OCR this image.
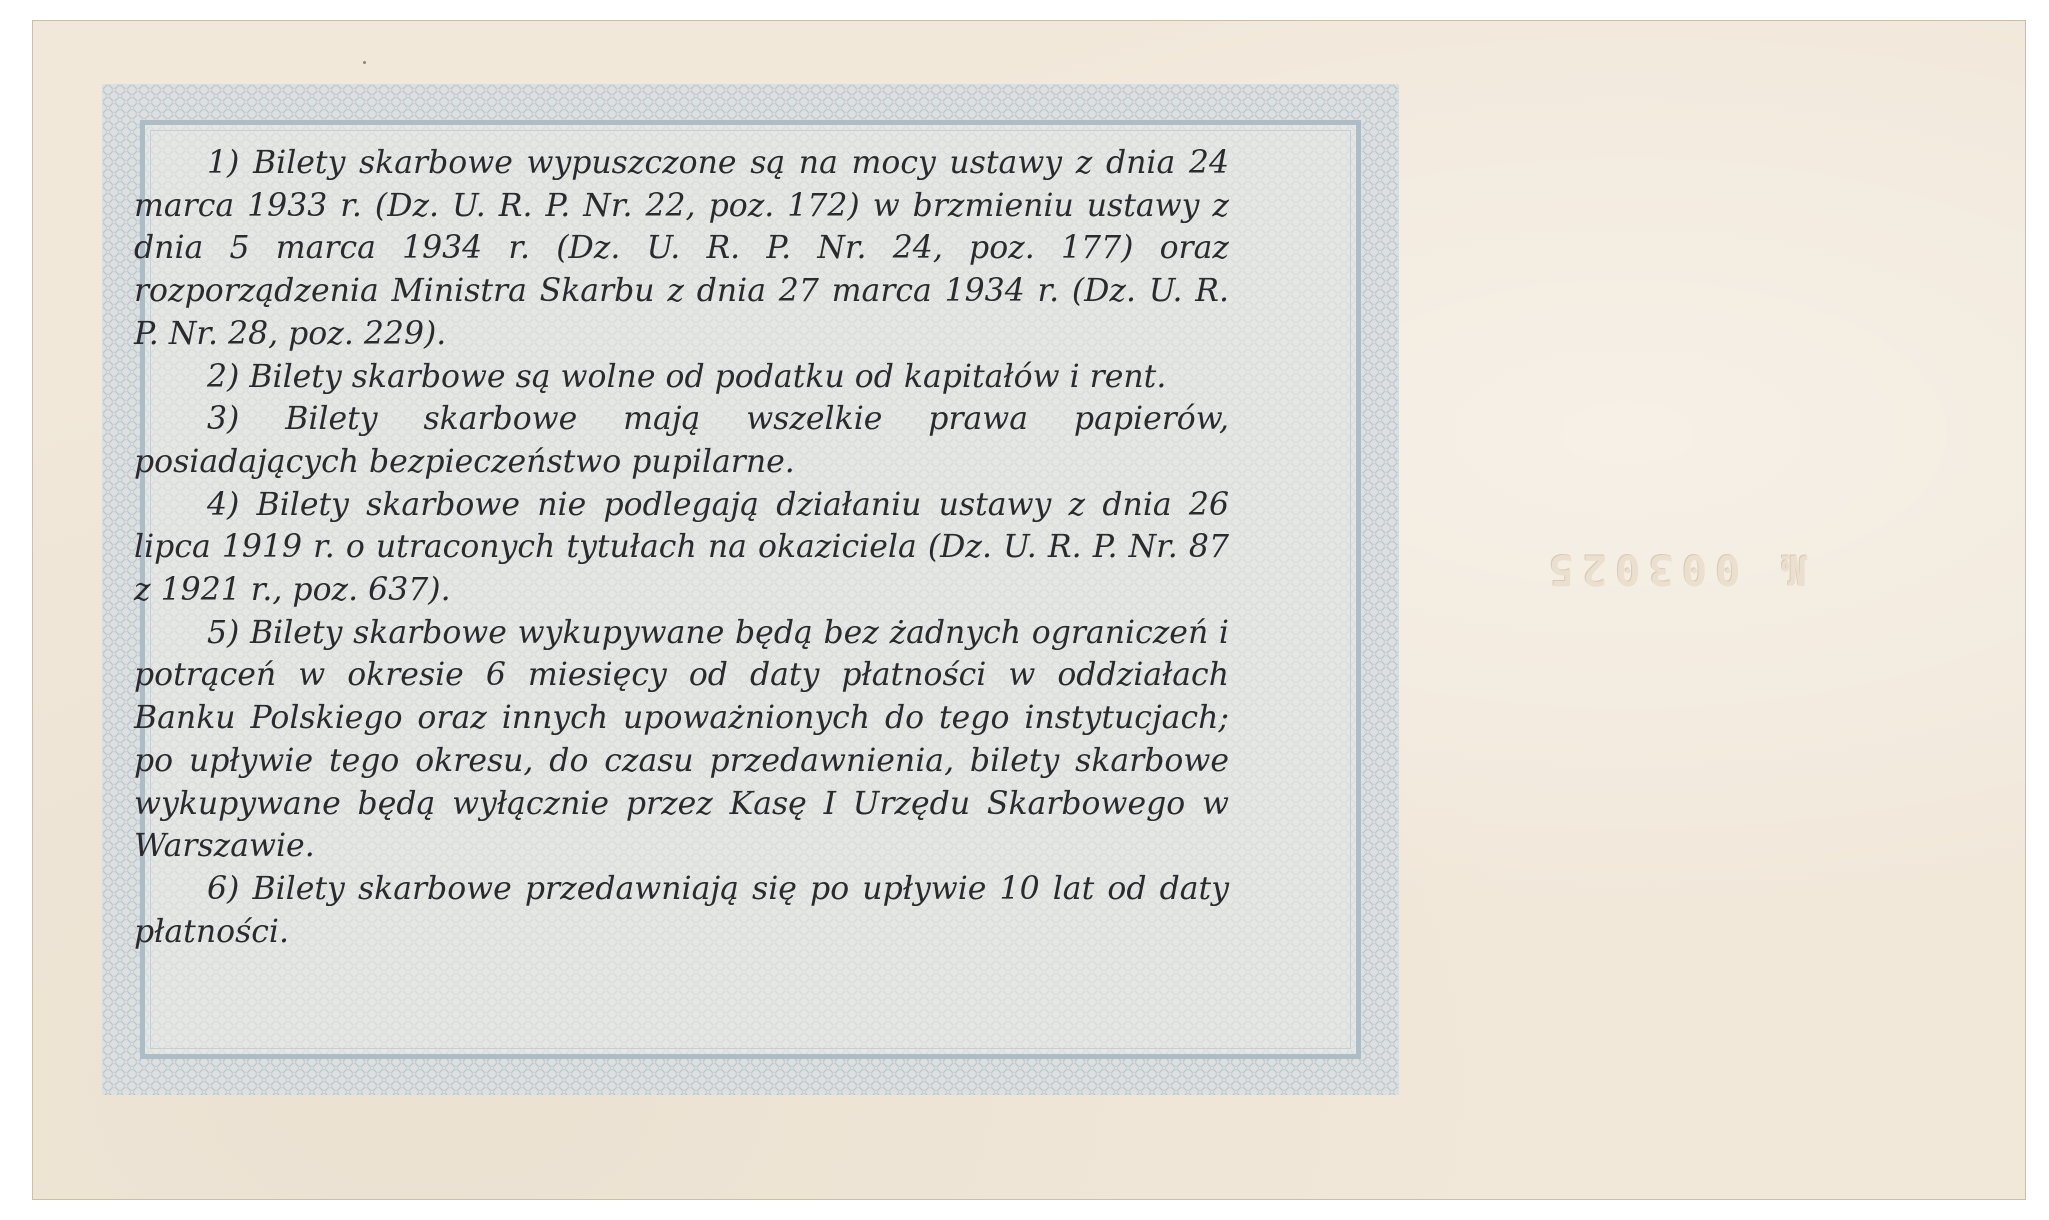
1) Bilety skarbowe wypuszczone są na mocy ustawy z dnia 24 marca 1933 r. (Dz. U. R. P. Nr. 22, poz. 172) w brzmieniu ustawy z dnia 5 marca 1934 r. (Dz. U. R. P. Nr. 24, poz. 177) oraz rozporządzenia Ministra Skarbu z dnia 27 marca 1934 r. (Dz. U. R. P. Nr. 28, poz. 229).

2) Bilety skarbowe są wolne od podatku od kapitałów i rent.

3) Bilety skarbowe mają wszelkie prawa papierów, posiadających bezpieczeństwo pupilarne.

4) Bilety skarbowe nie podlegają działaniu ustawy z dnia 26 lipca 1919 r. o utraconych tytułach na okaziciela (Dz. U. R. P. Nr. 87 z 1921 r., poz. 637).

5) Bilety skarbowe wykupywane będą bez żadnych ograniczeń i potrąceń w okresie 6 miesięcy od daty płatności w oddziałach Banku Polskiego oraz innych upoważnionych do tego instytucjach; po upływie tego okresu, do czasu przedawnienia, bilety skarbowe wykupywane będą wyłącznie przez Kasę I Urzędu Skarbowego w Warszawie.

6) Bilety skarbowe przedawniają się po upływie 10 lat od daty płatności.

№ 003025
